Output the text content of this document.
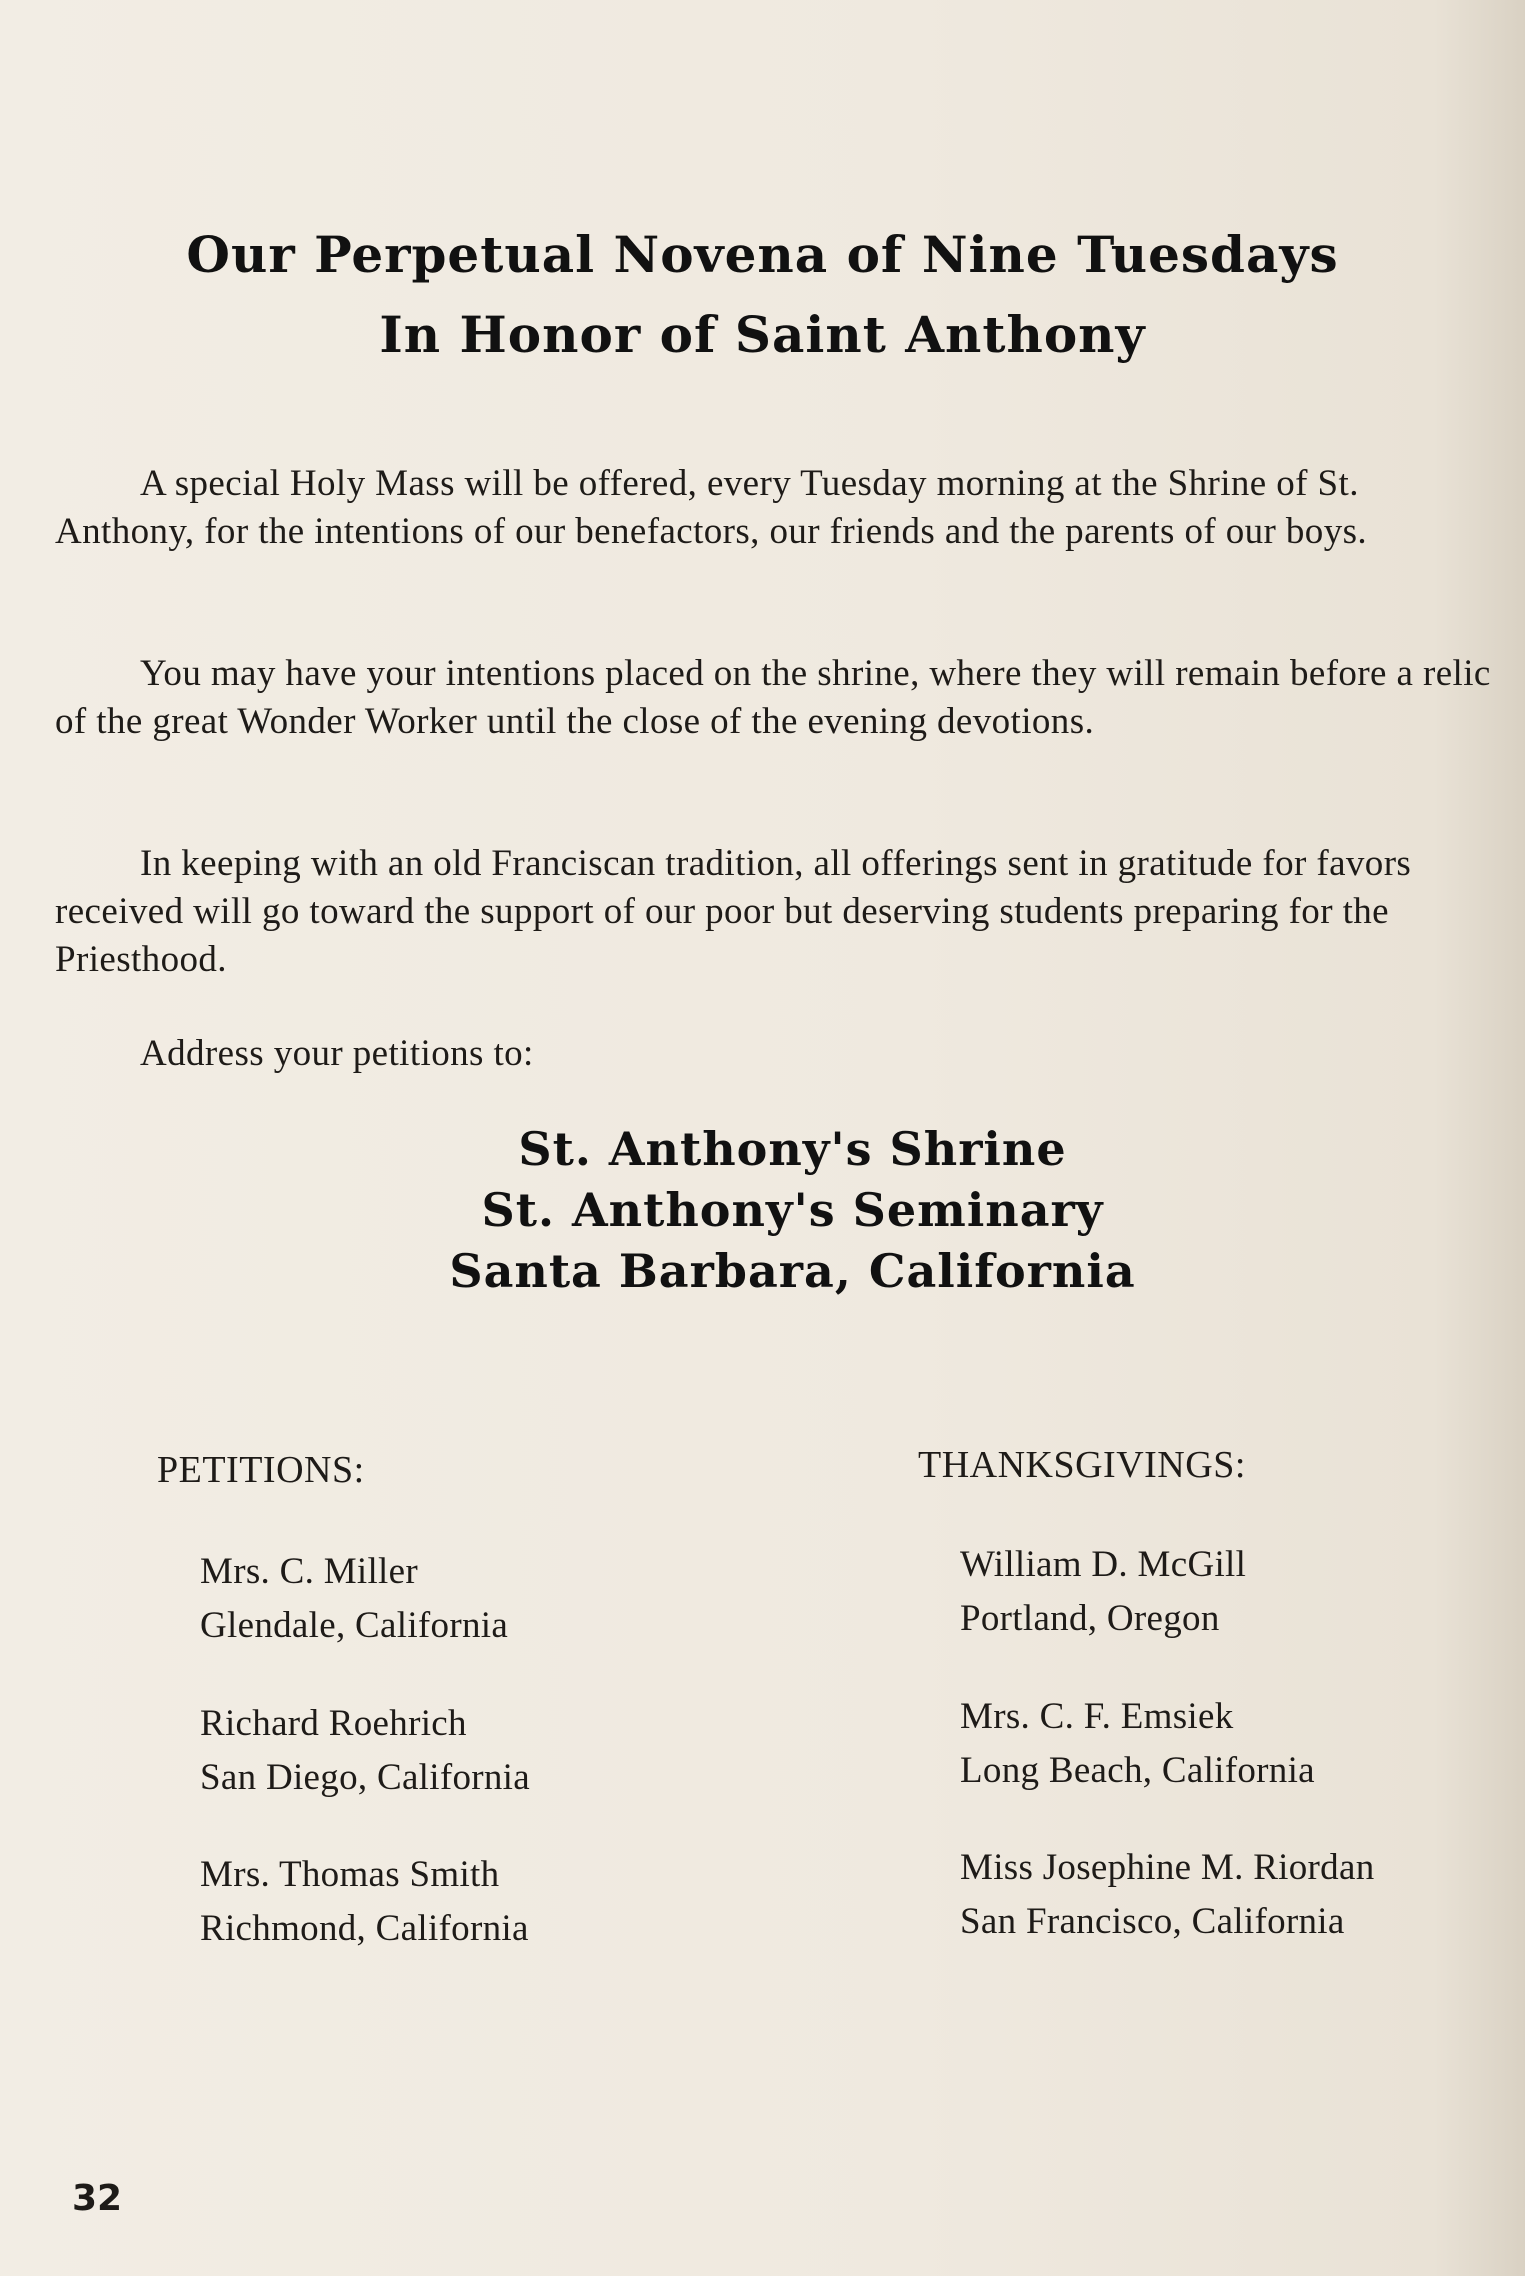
Our Perpetual Novena of Nine Tuesdays
In Honor of Saint Anthony
A special Holy Mass will be offered, every Tuesday morning at the Shrine of St. Anthony, for the intentions of our benefactors, our friends and the parents of our boys.
You may have your intentions placed on the shrine, where they will remain before a relic of the great Wonder Worker until the close of the evening devotions.
In keeping with an old Franciscan tradition, all offerings sent in gratitude for favors received will go toward the support of our poor but deserving students preparing for the Priesthood.
Address your petitions to:
St. Anthony's Shrine
St. Anthony's Seminary
Santa Barbara, California
PETITIONS:	THANKSGIVINGS:
Mrs. C. Miller
Glendale, California
Richard Roehrich
San Diego, California
Mrs. Thomas Smith
Richmond, California
William D. McGill
Portland, Oregon
Mrs. C. F. Emsiek
Long Beach, California
Miss Josephine M. Riordan
San Francisco, California
32
